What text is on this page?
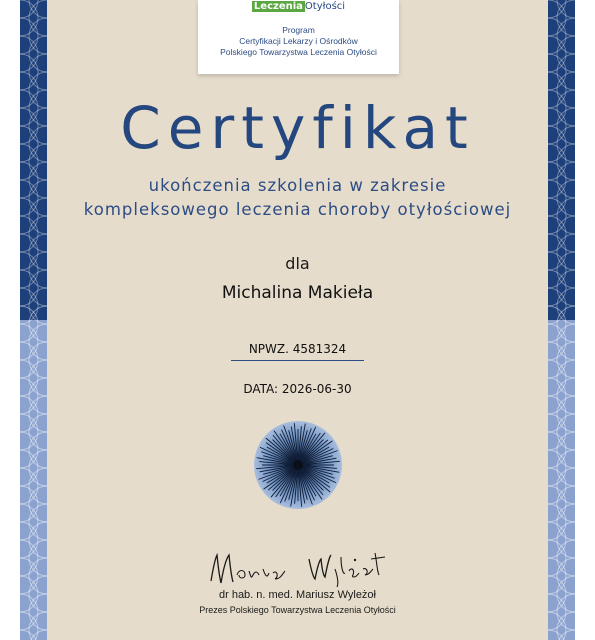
Leczenia Otyłości
Program
Certyfikacji Lekarzy i Ośrodków
Polskiego Towarzystwa Leczenia Otyłości
Certyfikat
ukończenia szkolenia w zakresie
kompleksowego leczenia choroby otyłościowej
dla
Michalina Makieła
NPWZ. 4581324
DATA: 2026-06-30
dr hab. n. med. Mariusz Wyleżoł
Prezes Polskiego Towarzystwa Leczenia Otyłości
